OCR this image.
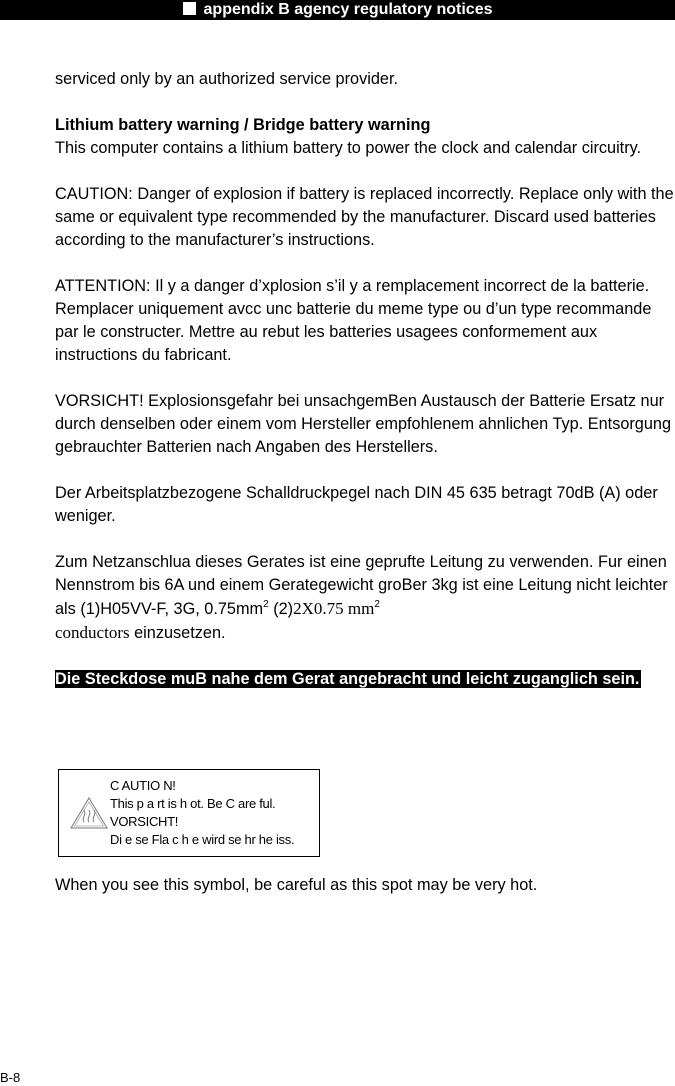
appendix B agency regulatory notices

serviced only by an authorized service provider.

Lithium battery warning / Bridge battery warning
This computer contains a lithium battery to power the clock and calendar circuitry.

CAUTION: Danger of explosion if battery is replaced incorrectly. Replace only with the same or equivalent type recommended by the manufacturer. Discard used batteries according to the manufacturer’s instructions.

ATTENTION: Il y a danger d’xplosion s’il y a remplacement incorrect de la batterie. Remplacer uniquement avcc unc batterie du meme type ou d’un type recommande par le constructer. Mettre au rebut les batteries usagees conformement aux instructions du fabricant.

VORSICHT! Explosionsgefahr bei unsachgemBen Austausch der Batterie Ersatz nur durch denselben oder einem vom Hersteller empfohlenem ahnlichen Typ. Entsorgung gebrauchter Batterien nach Angaben des Herstellers.

Der Arbeitsplatzbezogene Schalldruckpegel nach DIN 45 635 betragt 70dB (A) oder weniger.

Zum Netzanschlua dieses Gerates ist eine geprufte Leitung zu verwenden. Fur einen Nennstrom bis 6A und einem Gerategewicht groBer 3kg ist eine Leitung nicht leichter als (1)H05VV-F, 3G, $0.75mm^2$ (2)2X0.75 $mm^2$
conductors einzusetzen.

Die Steckdose muB nahe dem Gerat angebracht und leicht zuganglich sein.

C AUTIO N!
This p a rt is h ot. Be C are ful.
VORSICHT!
Di e se Fla c h e wird se hr he iss.
When you see this symbol, be careful as this spot may be very hot.
B-8
